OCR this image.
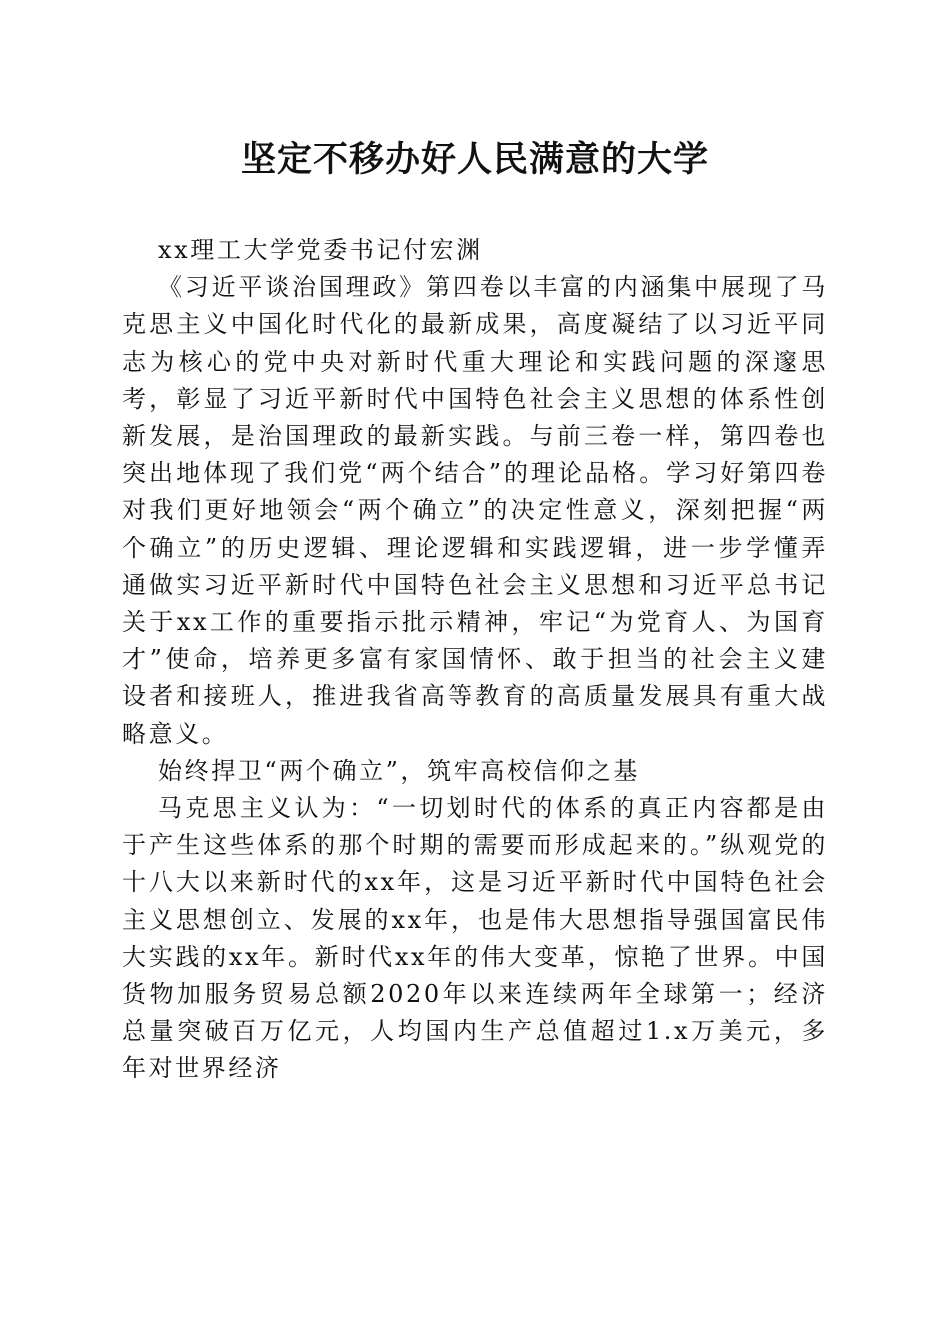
坚定不移办好人民满意的大学

xx理工大学党委书记付宏渊

《习近平谈治国理政》第四卷以丰富的内涵集中展现了马克思主义中国化时代化的最新成果，高度凝结了以习近平同志为核心的党中央对新时代重大理论和实践问题的深邃思考，彰显了习近平新时代中国特色社会主义思想的体系性创新发展，是治国理政的最新实践。与前三卷一样，第四卷也突出地体现了我们党“两个结合”的理论品格。学习好第四卷对我们更好地领会“两个确立”的决定性意义，深刻把握“两个确立”的历史逻辑、理论逻辑和实践逻辑，进一步学懂弄通做实习近平新时代中国特色社会主义思想和习近平总书记关于xx工作的重要指示批示精神，牢记“为党育人、为国育才”使命，培养更多富有家国情怀、敢于担当的社会主义建设者和接班人，推进我省高等教育的高质量发展具有重大战略意义。

始终捍卫“两个确立”，筑牢高校信仰之基

马克思主义认为：“一切划时代的体系的真正内容都是由于产生这些体系的那个时期的需要而形成起来的。”纵观党的十八大以来新时代的xx年，这是习近平新时代中国特色社会主义思想创立、发展的xx年，也是伟大思想指导强国富民伟大实践的xx年。新时代xx年的伟大变革，惊艳了世界。中国货物加服务贸易总额2020年以来连续两年全球第一；经济总量突破百万亿元，人均国内生产总值超过1.x万美元，多年对世界经济
